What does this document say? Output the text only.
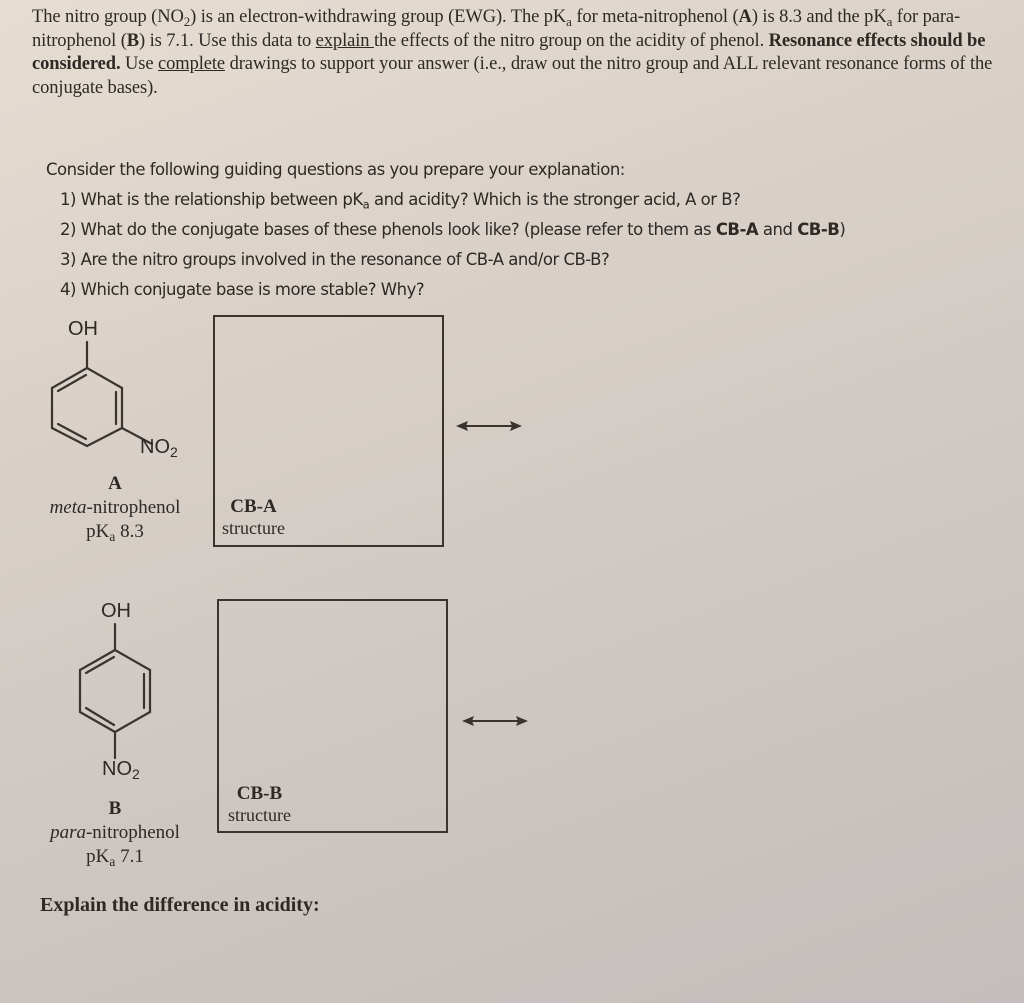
The nitro group $(NO_2)$ is an electron-withdrawing group (EWG). The $pK_a$ for meta-nitrophenol (A) is 8.3 and the $pK_a$ for para-nitrophenol (B) is 7.1. Use this data to explain the effects of the nitro group on the acidity of phenol. Resonance effects should be considered. Use complete drawings to support your answer (i.e., draw out the nitro group and ALL relevant resonance forms of the conjugate bases).
Consider the following guiding questions as you prepare your explanation:
1) What is the relationship between $pK_a$ and acidity? Which is the stronger acid, A or B?
2) What do the conjugate bases of these phenols look like? (please refer to them as CB-A and CB-B)
3) Are the nitro groups involved in the resonance of CB-A and/or CB-B?
4) Which conjugate base is more stable? Why?
OH
$NO_2$
A
meta-nitrophenol
$pK_a$ 8.3
CB-A
structure
OH
$NO_2$
B
para-nitrophenol
$pK_a$ 7.1
CB-B
structure
Explain the difference in acidity:
